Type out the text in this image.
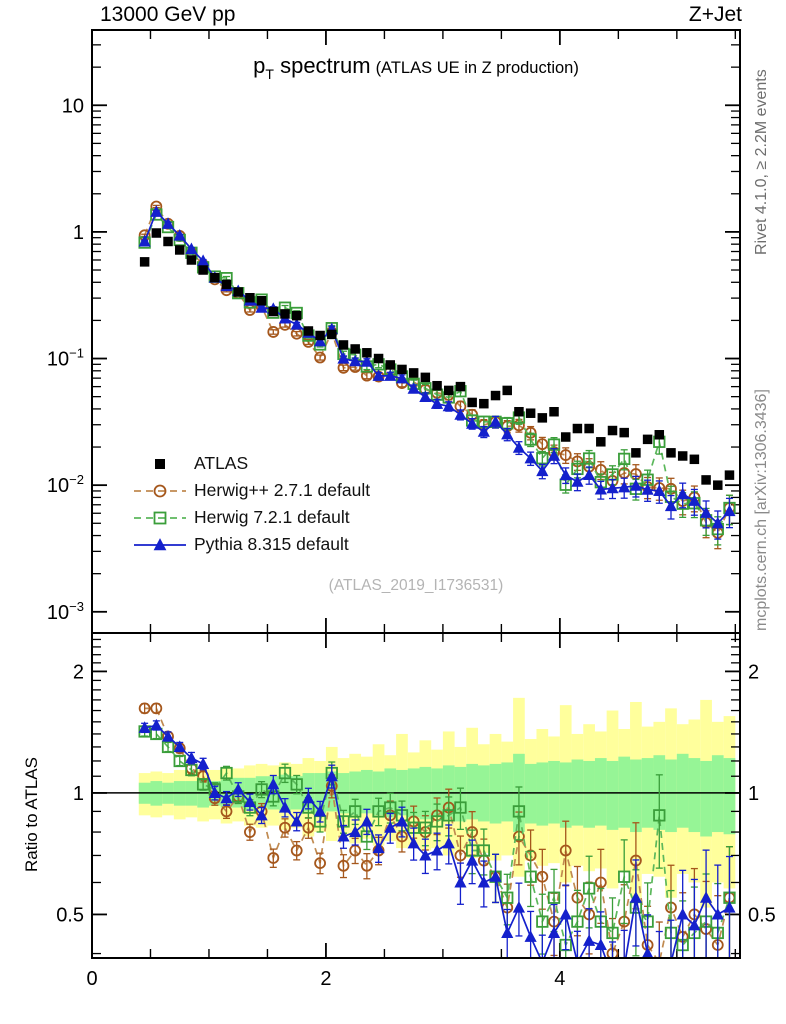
10
1
$10^{-1}$
$10^{-2}$
$10^{-3}$
2	2
1	1
0.5	0.5
0	2	4
13000 GeV pp	Z+Jet
pT spectrum (ATLAS UE in Z production)
ATLAS
Herwig++ 2.7.1 default
Herwig 7.2.1 default
Pythia 8.315 default
(ATLAS_2019_I1736531)
Rivet 4.1.0, ≥ 2.2M events
mcplots.cern.ch [arXiv:1306.3436]
Ratio to ATLAS
